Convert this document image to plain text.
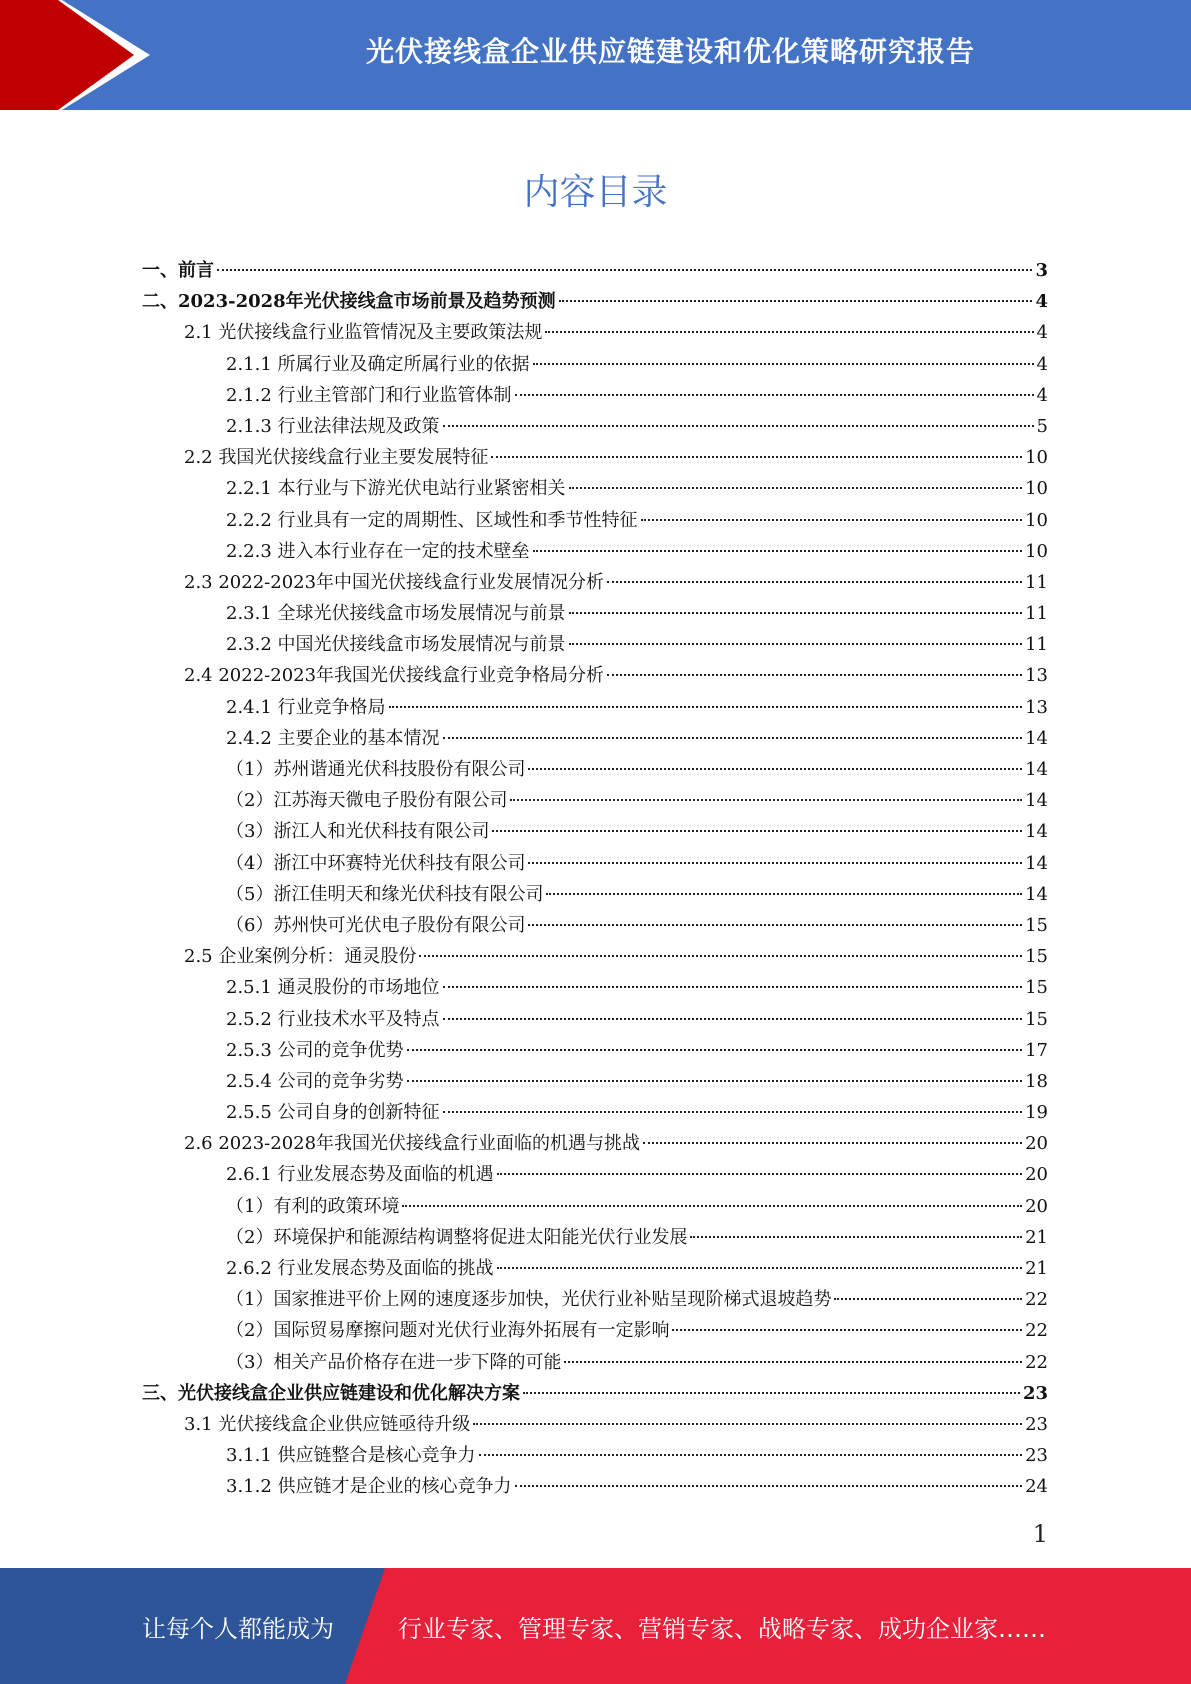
光伏接线盒企业供应链建设和优化策略研究报告
内容目录
一、前言	3
二、2023-2028年光伏接线盒市场前景及趋势预测	4
2.1 光伏接线盒行业监管情况及主要政策法规	4
2.1.1 所属行业及确定所属行业的依据	4
2.1.2 行业主管部门和行业监管体制	4
2.1.3 行业法律法规及政策	5
2.2 我国光伏接线盒行业主要发展特征	10
2.2.1 本行业与下游光伏电站行业紧密相关	10
2.2.2 行业具有一定的周期性、区域性和季节性特征	10
2.2.3 进入本行业存在一定的技术壁垒	10
2.3 2022-2023年中国光伏接线盒行业发展情况分析	11
2.3.1 全球光伏接线盒市场发展情况与前景	11
2.3.2 中国光伏接线盒市场发展情况与前景	11
2.4 2022-2023年我国光伏接线盒行业竞争格局分析	13
2.4.1 行业竞争格局	13
2.4.2 主要企业的基本情况	14
（1）苏州谐通光伏科技股份有限公司	14
（2）江苏海天微电子股份有限公司	14
（3）浙江人和光伏科技有限公司	14
（4）浙江中环赛特光伏科技有限公司	14
（5）浙江佳明天和缘光伏科技有限公司	14
（6）苏州快可光伏电子股份有限公司	15
2.5 企业案例分析：通灵股份	15
2.5.1 通灵股份的市场地位	15
2.5.2 行业技术水平及特点	15
2.5.3 公司的竞争优势	17
2.5.4 公司的竞争劣势	18
2.5.5 公司自身的创新特征	19
2.6 2023-2028年我国光伏接线盒行业面临的机遇与挑战	20
2.6.1 行业发展态势及面临的机遇	20
（1）有利的政策环境	20
（2）环境保护和能源结构调整将促进太阳能光伏行业发展	21
2.6.2 行业发展态势及面临的挑战	21
（1）国家推进平价上网的速度逐步加快，光伏行业补贴呈现阶梯式退坡趋势	22
（2）国际贸易摩擦问题对光伏行业海外拓展有一定影响	22
（3）相关产品价格存在进一步下降的可能	22
三、光伏接线盒企业供应链建设和优化解决方案	23
3.1 光伏接线盒企业供应链亟待升级	23
3.1.1 供应链整合是核心竞争力	23
3.1.2 供应链才是企业的核心竞争力	24
1
让每个人都能成为	行业专家、管理专家、营销专家、战略专家、成功企业家……
